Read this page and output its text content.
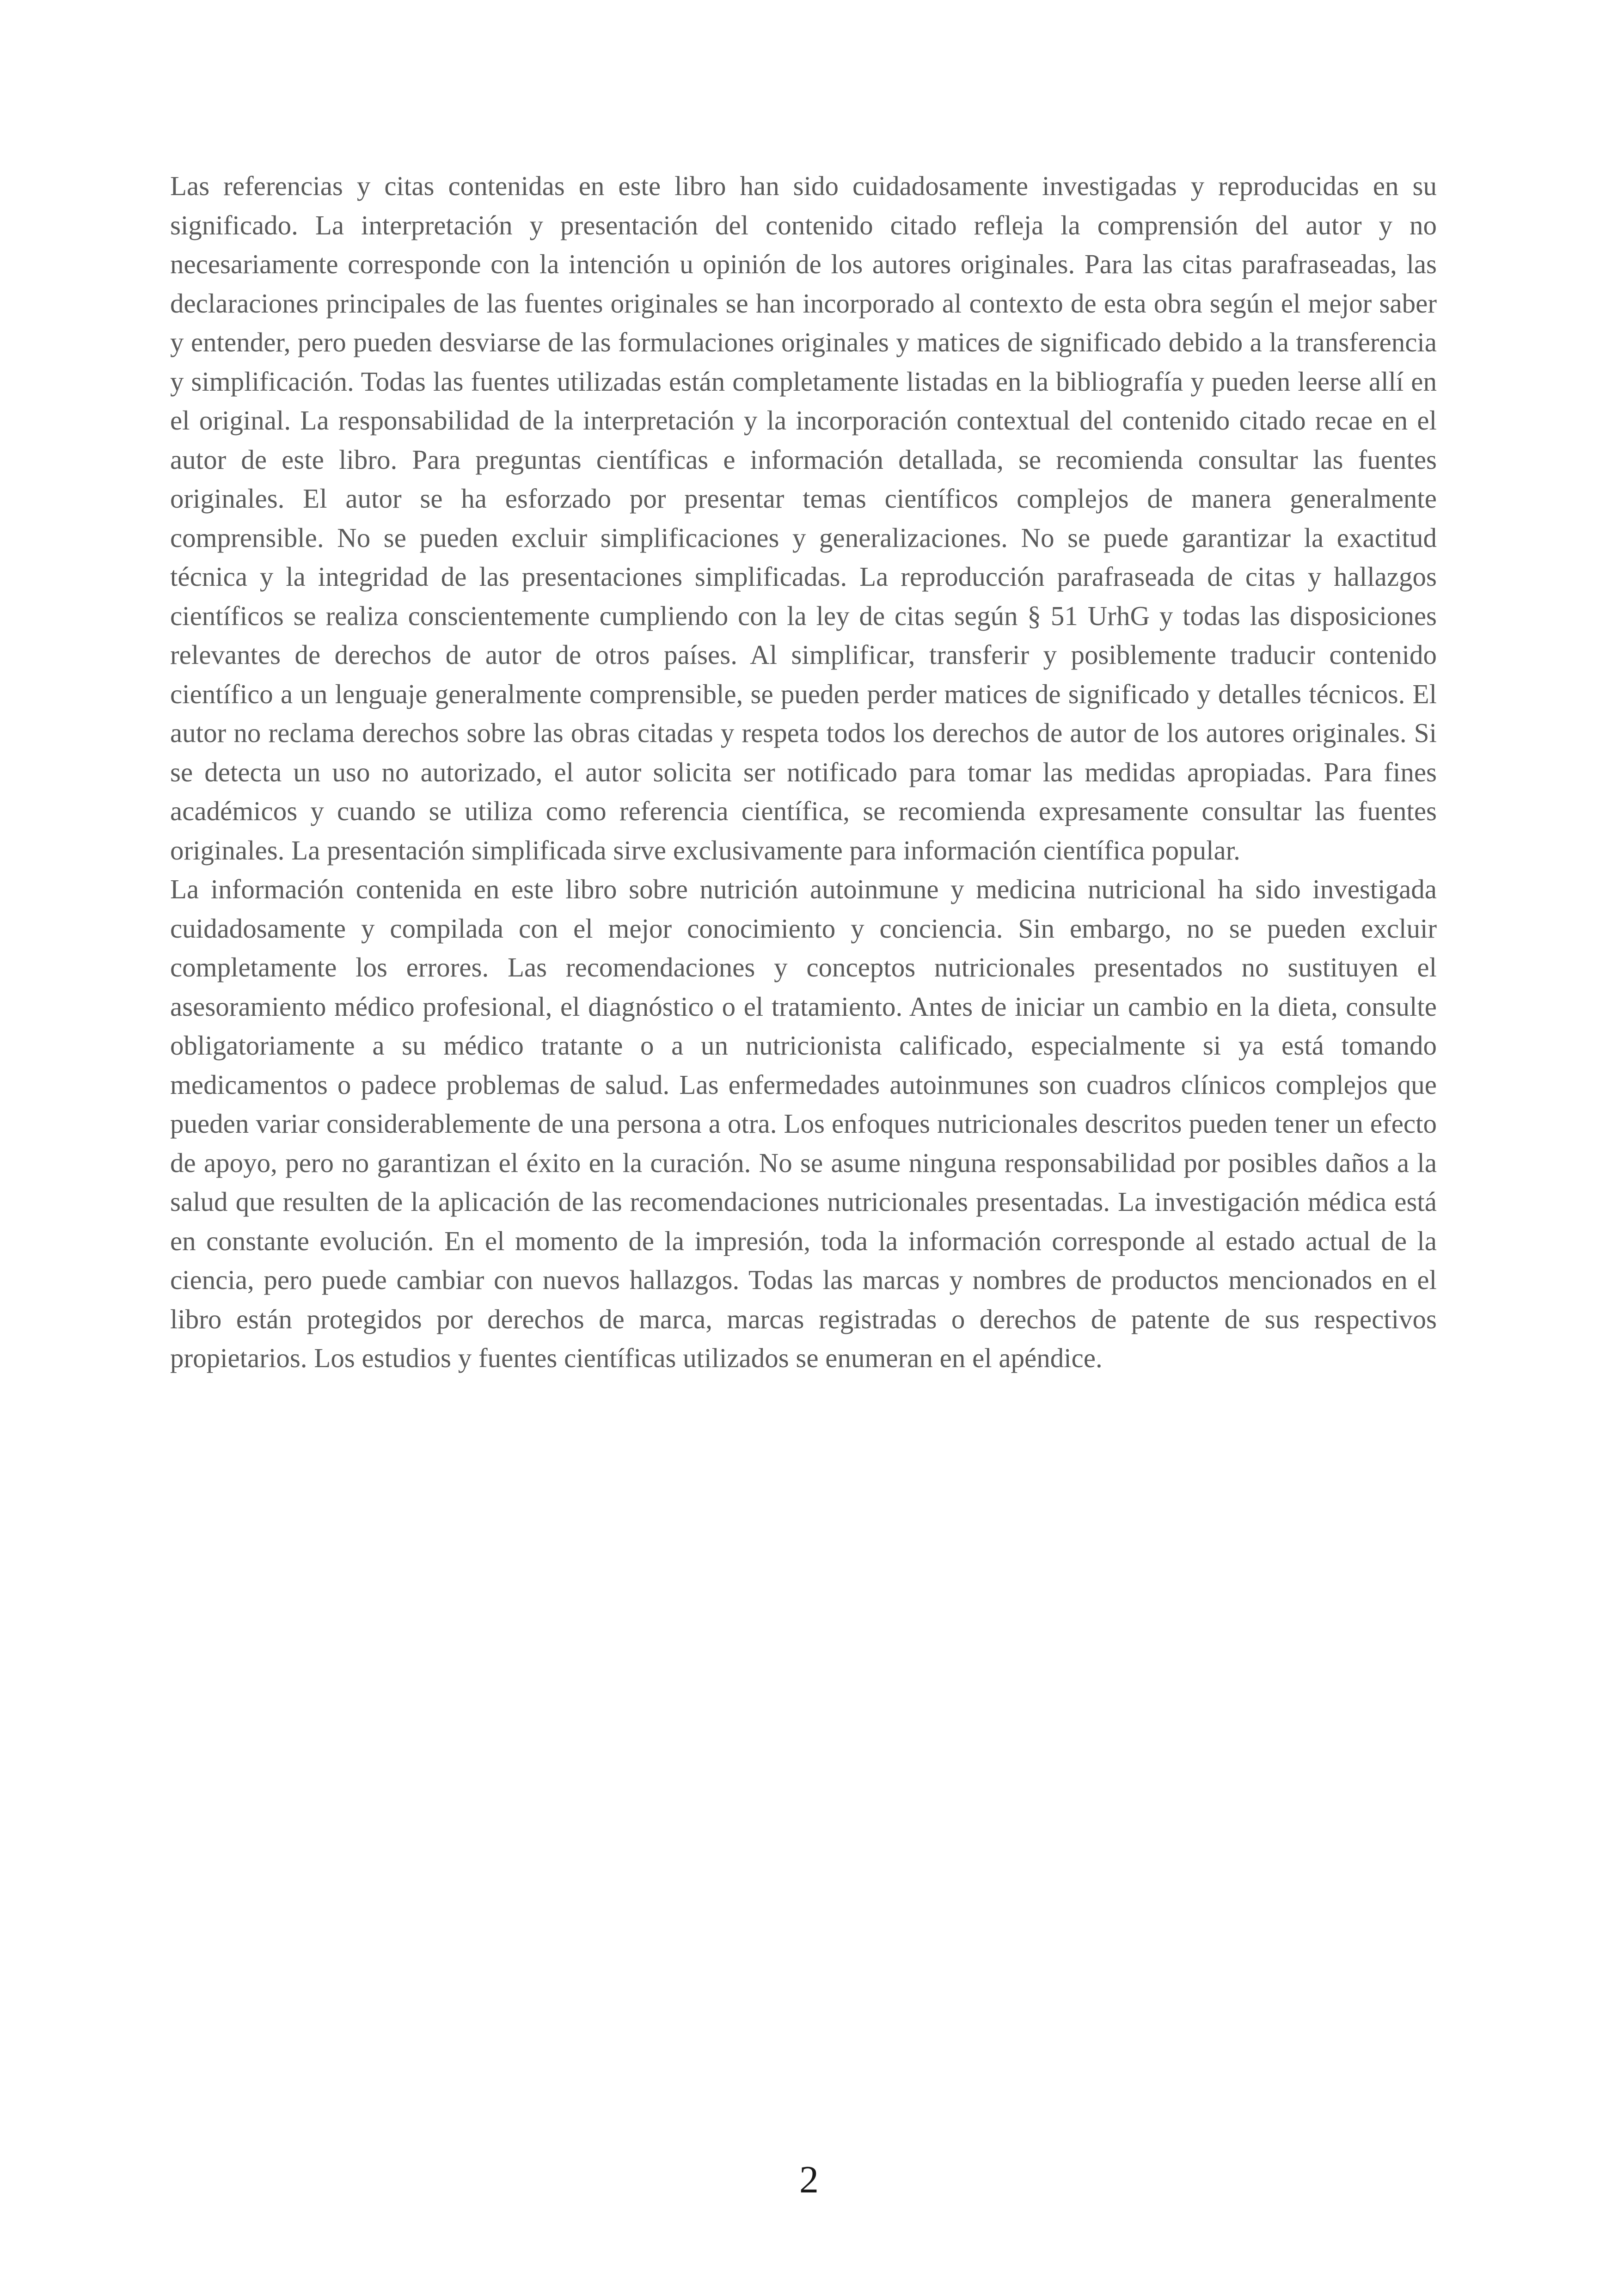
Las referencias y citas contenidas en este libro han sido cuidadosamente investigadas y reproducidas en su significado. La interpretación y presentación del contenido citado refleja la comprensión del autor y no necesariamente corresponde con la intención u opinión de los autores originales. Para las citas parafraseadas, las declaraciones principales de las fuentes originales se han incorporado al contexto de esta obra según el mejor saber y entender, pero pueden desviarse de las formulaciones originales y matices de significado debido a la transferencia y simplificación. Todas las fuentes utilizadas están completamente listadas en la bibliografía y pueden leerse allí en el original. La responsabilidad de la interpretación y la incorporación contextual del contenido citado recae en el autor de este libro. Para preguntas científicas e información detallada, se recomienda consultar las fuentes originales. El autor se ha esforzado por presentar temas científicos complejos de manera generalmente comprensible. No se pueden excluir simplificaciones y generalizaciones. No se puede garantizar la exactitud técnica y la integridad de las presentaciones simplificadas. La reproducción parafraseada de citas y hallazgos científicos se realiza conscientemente cumpliendo con la ley de citas según § 51 UrhG y todas las disposiciones relevantes de derechos de autor de otros países. Al simplificar, transferir y posiblemente traducir contenido científico a un lenguaje generalmente comprensible, se pueden perder matices de significado y detalles técnicos. El autor no reclama derechos sobre las obras citadas y respeta todos los derechos de autor de los autores originales. Si se detecta un uso no autorizado, el autor solicita ser notificado para tomar las medidas apropiadas. Para fines académicos y cuando se utiliza como referencia científica, se recomienda expresamente consultar las fuentes originales. La presentación simplificada sirve exclusivamente para información científica popular.

La información contenida en este libro sobre nutrición autoinmune y medicina nutricional ha sido investigada cuidadosamente y compilada con el mejor conocimiento y conciencia. Sin embargo, no se pueden excluir completamente los errores. Las recomendaciones y conceptos nutricionales presentados no sustituyen el asesoramiento médico profesional, el diagnóstico o el tratamiento. Antes de iniciar un cambio en la dieta, consulte obligatoriamente a su médico tratante o a un nutricionista calificado, especialmente si ya está tomando medicamentos o padece problemas de salud. Las enfermedades autoinmunes son cuadros clínicos complejos que pueden variar considerablemente de una persona a otra. Los enfoques nutricionales descritos pueden tener un efecto de apoyo, pero no garantizan el éxito en la curación. No se asume ninguna responsabilidad por posibles daños a la salud que resulten de la aplicación de las recomendaciones nutricionales presentadas. La investigación médica está en constante evolución. En el momento de la impresión, toda la información corresponde al estado actual de la ciencia, pero puede cambiar con nuevos hallazgos. Todas las marcas y nombres de productos mencionados en el libro están protegidos por derechos de marca, marcas registradas o derechos de patente de sus respectivos propietarios. Los estudios y fuentes científicas utilizados se enumeran en el apéndice.

2
